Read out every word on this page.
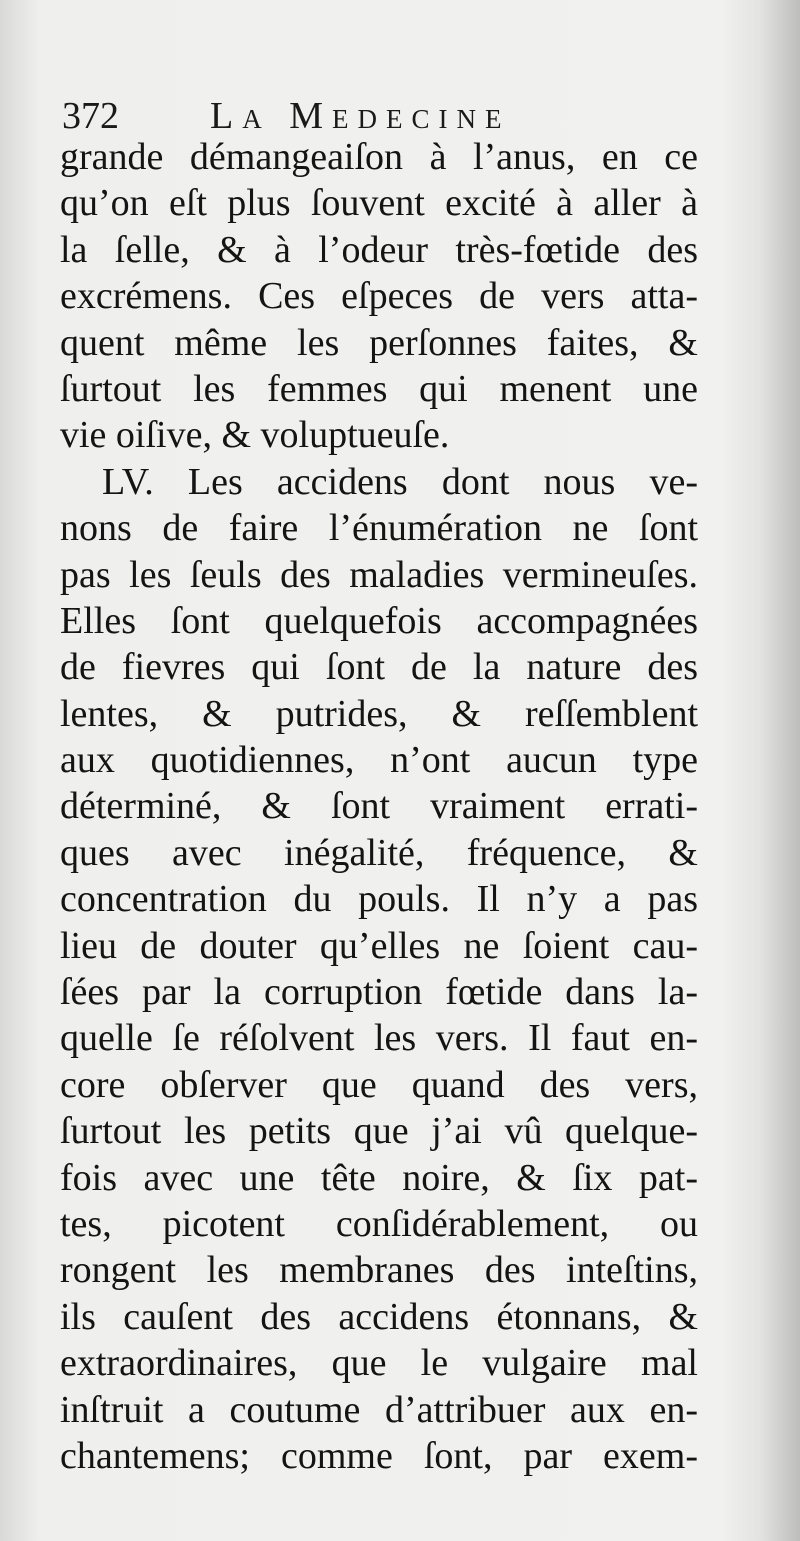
372 La Medecine
grande démangeaiſon à l’anus, en ce
qu’on eſt plus ſouvent excité à aller à
la ſelle, & à l’odeur très-fœtide des
excrémens. Ces eſpeces de vers atta-
quent même les perſonnes faites, &
ſurtout les femmes qui menent une
vie oiſive, & voluptueuſe.
LV. Les accidens dont nous ve-
nons de faire l’énumération ne ſont
pas les ſeuls des maladies vermineuſes.
Elles ſont quelquefois accompagnées
de fievres qui ſont de la nature des
lentes, & putrides, & reſſemblent
aux quotidiennes, n’ont aucun type
déterminé, & ſont vraiment errati-
ques avec inégalité, fréquence, &
concentration du pouls. Il n’y a pas
lieu de douter qu’elles ne ſoient cau-
ſées par la corruption fœtide dans la-
quelle ſe réſolvent les vers. Il faut en-
core obſerver que quand des vers,
ſurtout les petits que j’ai vû quelque-
fois avec une tête noire, & ſix pat-
tes, picotent conſidérablement, ou
rongent les membranes des inteſtins,
ils cauſent des accidens étonnans, &
extraordinaires, que le vulgaire mal
inſtruit a coutume d’attribuer aux en-
chantemens; comme ſont, par exem-
